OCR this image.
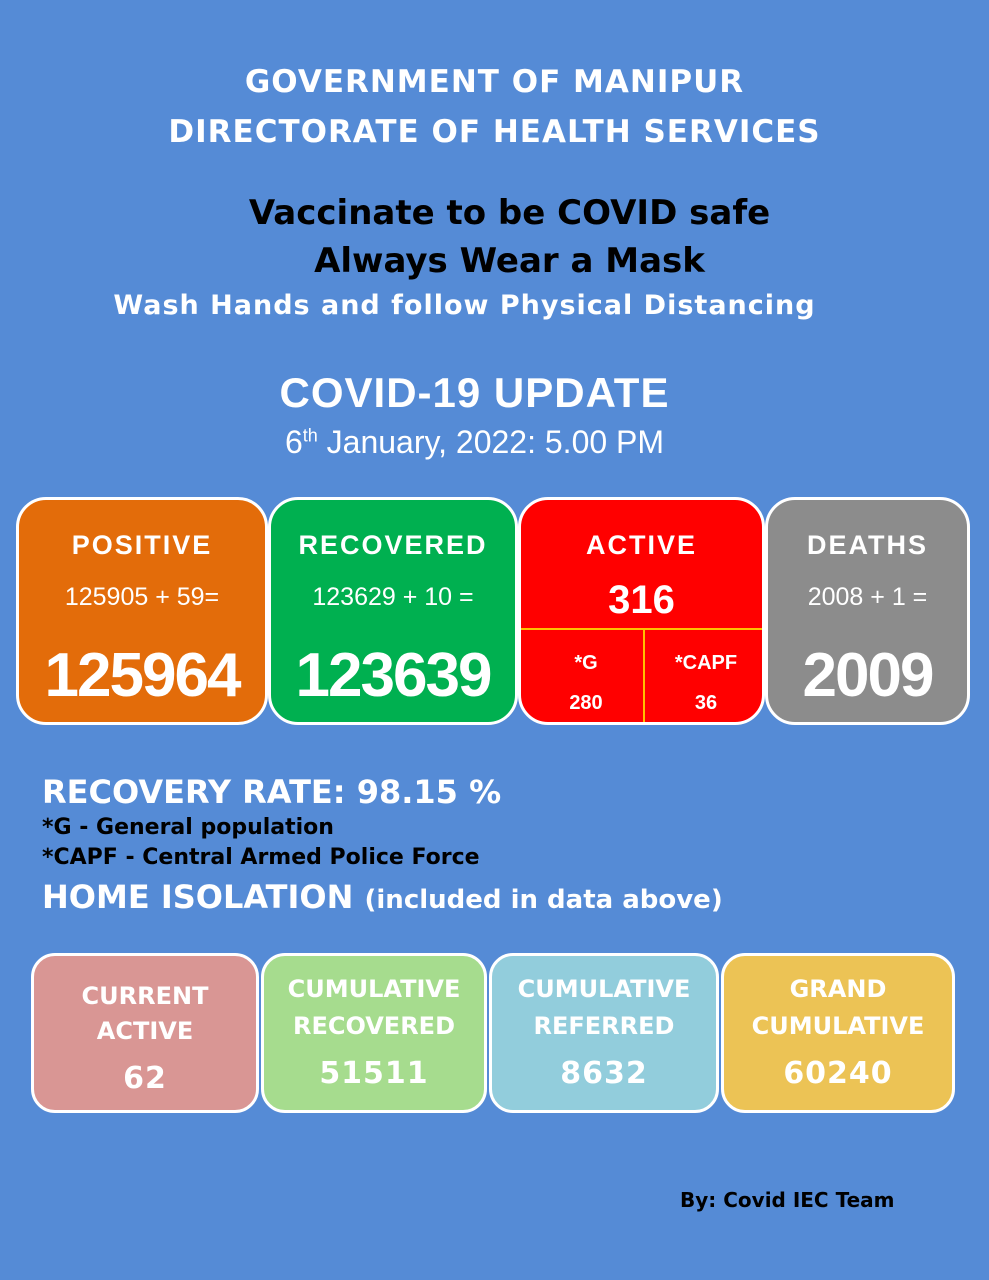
GOVERNMENT OF MANIPUR
DIRECTORATE OF HEALTH SERVICES
Vaccinate to be COVID safe
Always Wear a Mask
Wash Hands and follow Physical Distancing
COVID-19 UPDATE
6th January, 2022: 5.00 PM
POSITIVE
125905 + 59=
125964
RECOVERED
123629 + 10 =
123639
ACTIVE
316
*G
280
*CAPF
36
DEATHS
2008 + 1 =
2009
RECOVERY RATE: 98.15 %
*G - General population
*CAPF - Central Armed Police Force
HOME ISOLATION (included in data above)
CURRENT
ACTIVE
62
CUMULATIVE
RECOVERED
51511
CUMULATIVE
REFERRED
8632
GRAND
CUMULATIVE
60240
By: Covid IEC Team
